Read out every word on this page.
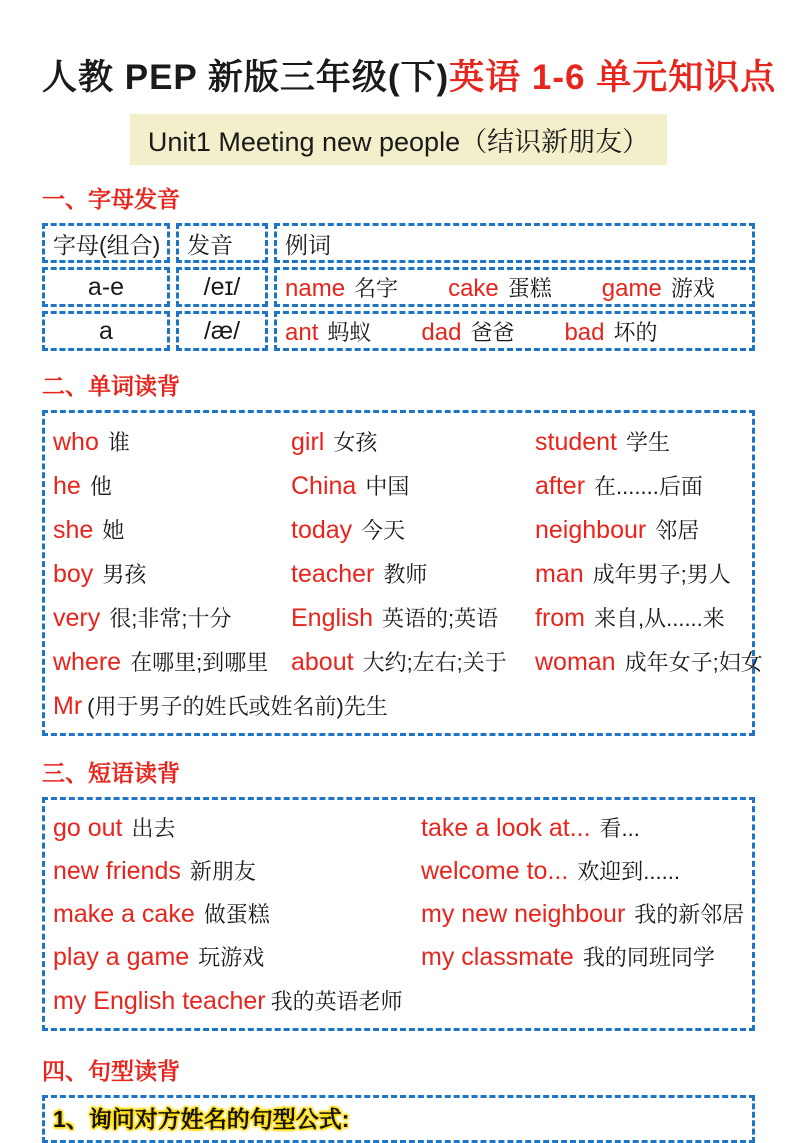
人教 PEP 新版三年级(下)英语 1-6 单元知识点
Unit1 Meeting new people（结识新朋友）
一、字母发音
字母(组合)	发音	例词
a-e	/eɪ/	name 名字 cake 蛋糕 game 游戏
a	/æ/	ant 蚂蚁 dad 爸爸 bad 坏的
二、单词读背
who 谁	girl 女孩	student 学生
he 他	China 中国	after 在.......后面
she 她	today 今天	neighbour 邻居
boy 男孩	teacher 教师	man 成年男子;男人
very 很;非常;十分	English 英语的;英语	from 来自,从......来
where 在哪里;到哪里 about 大约;左右;关于	woman 成年女子;妇女
Mr (用于男子的姓氏或姓名前)先生
三、短语读背
go out 出去	take a look at... 看...
new friends 新朋友	welcome to... 欢迎到......
make a cake 做蛋糕	my new neighbour 我的新邻居
play a game 玩游戏	my classmate 我的同班同学
my English teacher 我的英语老师
四、句型读背
1、询问对方姓名的句型公式:
